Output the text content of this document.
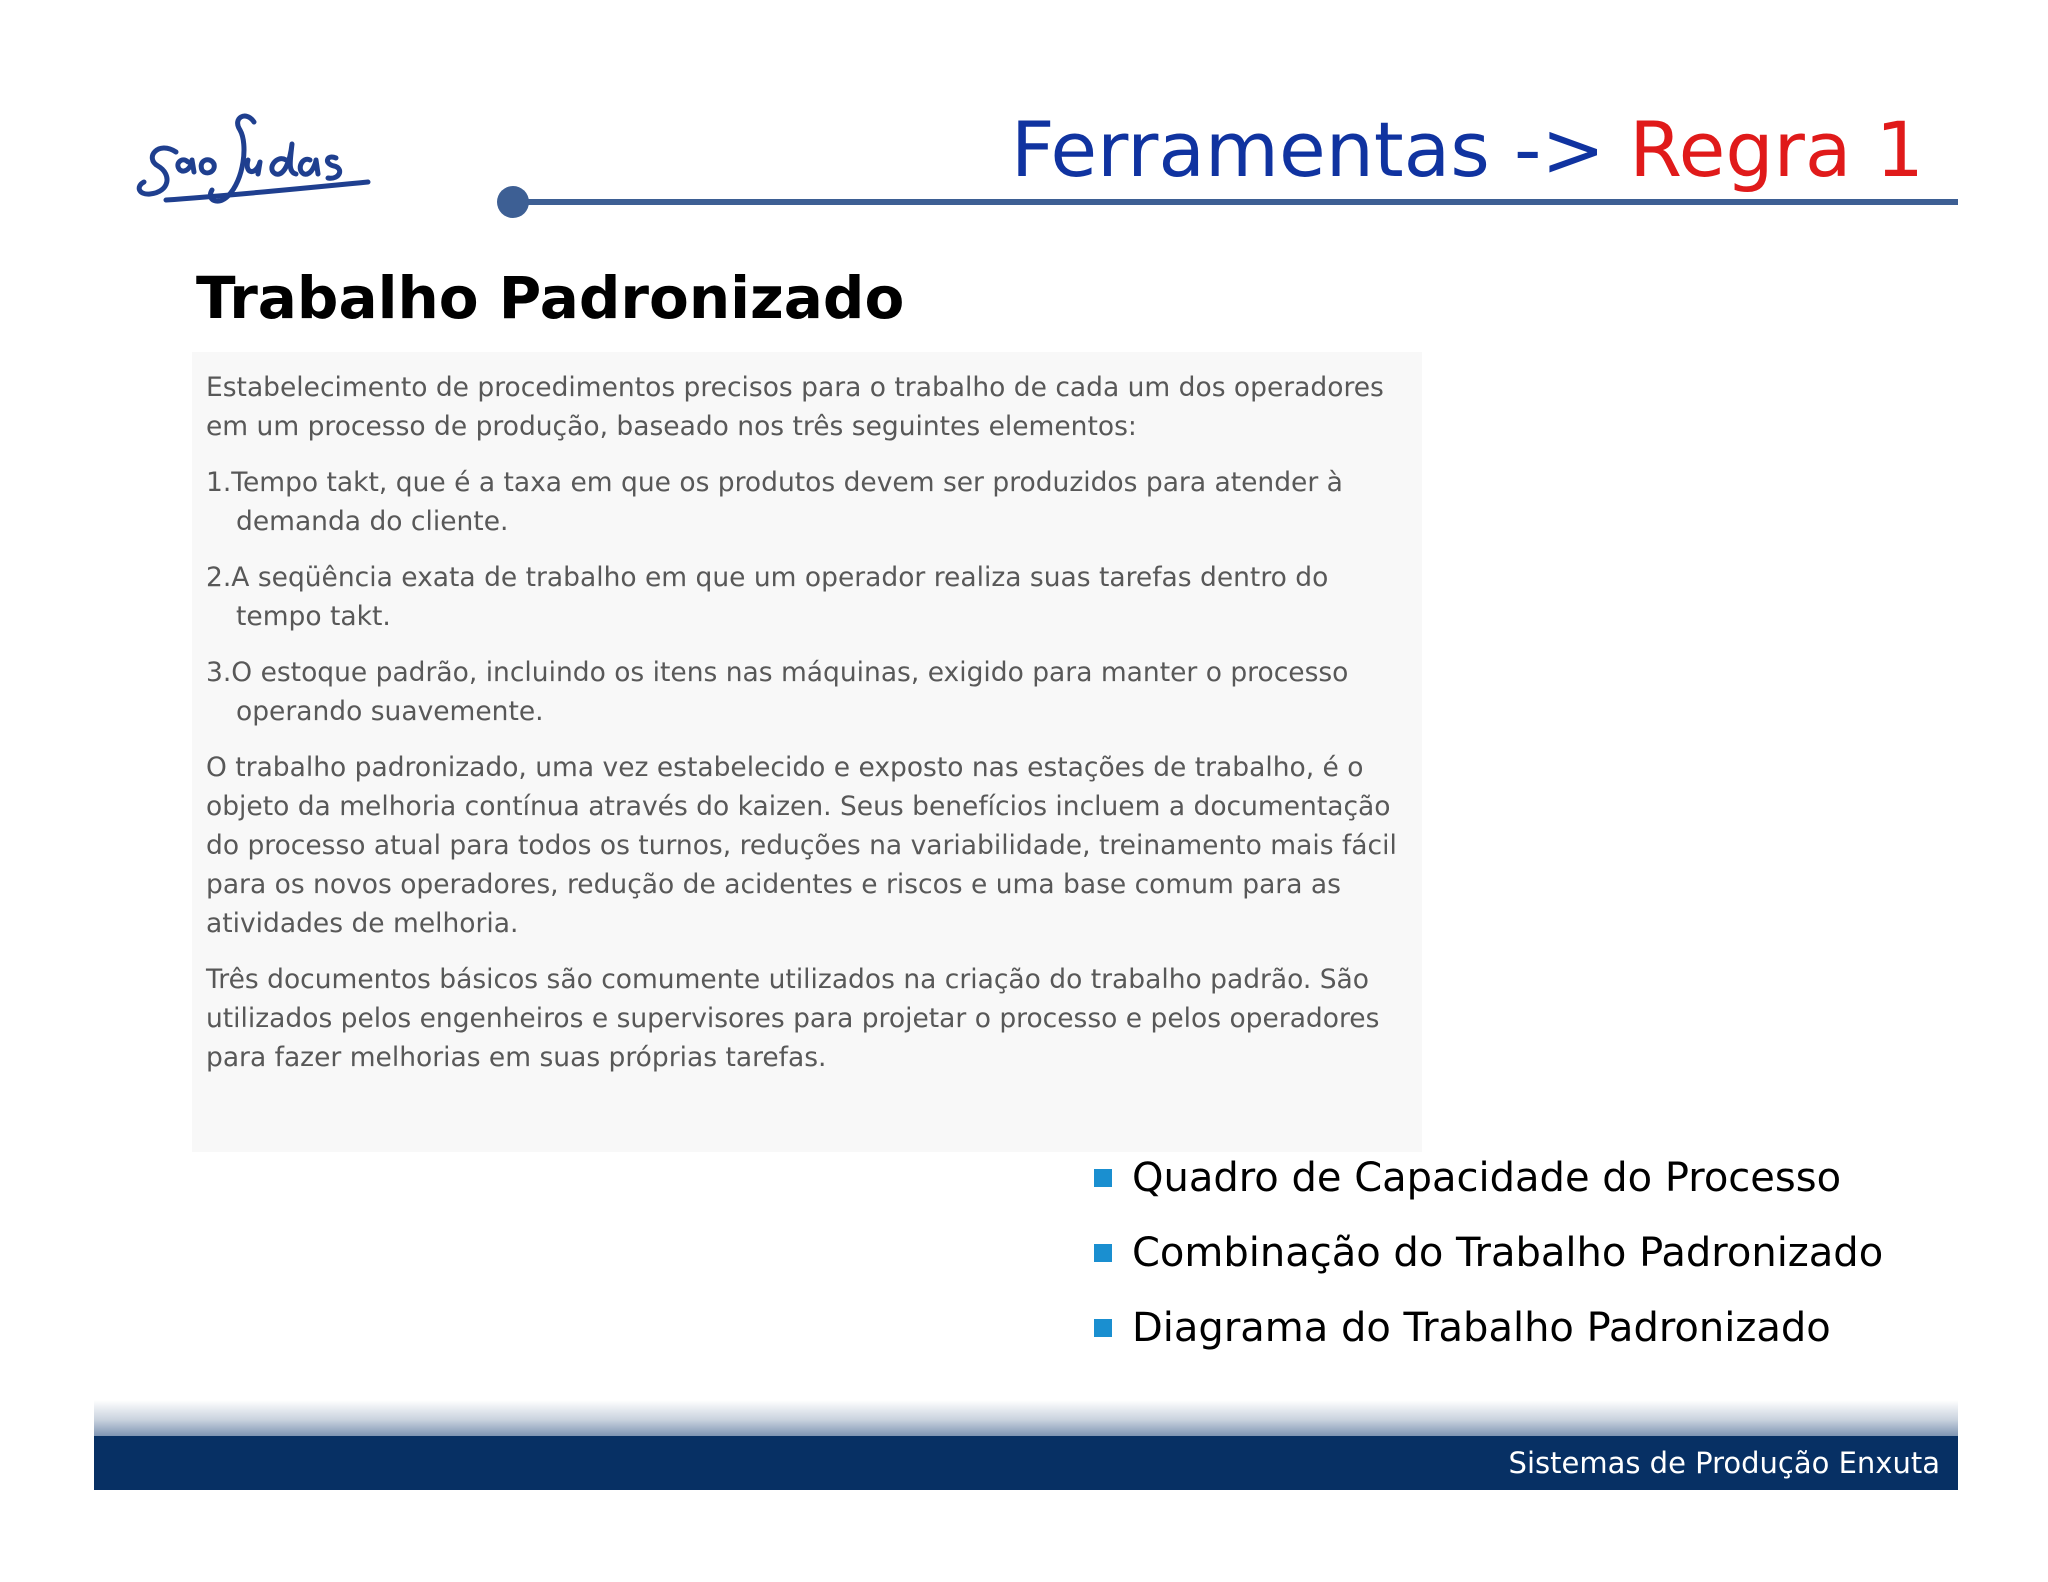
Ferramentas -> Regra 1
Trabalho Padronizado

Estabelecimento de procedimentos precisos para o trabalho de cada um dos operadores em um processo de produção, baseado nos três seguintes elementos:

1.Tempo takt, que é a taxa em que os produtos devem ser produzidos para atender à demanda do cliente.

2.A seqüência exata de trabalho em que um operador realiza suas tarefas dentro do tempo takt.

3.O estoque padrão, incluindo os itens nas máquinas, exigido para manter o processo operando suavemente.

O trabalho padronizado, uma vez estabelecido e exposto nas estações de trabalho, é o objeto da melhoria contínua através do kaizen. Seus benefícios incluem a documentação do processo atual para todos os turnos, reduções na variabilidade, treinamento mais fácil para os novos operadores, redução de acidentes e riscos e uma base comum para as atividades de melhoria.

Três documentos básicos são comumente utilizados na criação do trabalho padrão. São utilizados pelos engenheiros e supervisores para projetar o processo e pelos operadores para fazer melhorias em suas próprias tarefas.

Quadro de Capacidade do Processo
Combinação do Trabalho Padronizado
Diagrama do Trabalho Padronizado
Sistemas de Produção Enxuta
